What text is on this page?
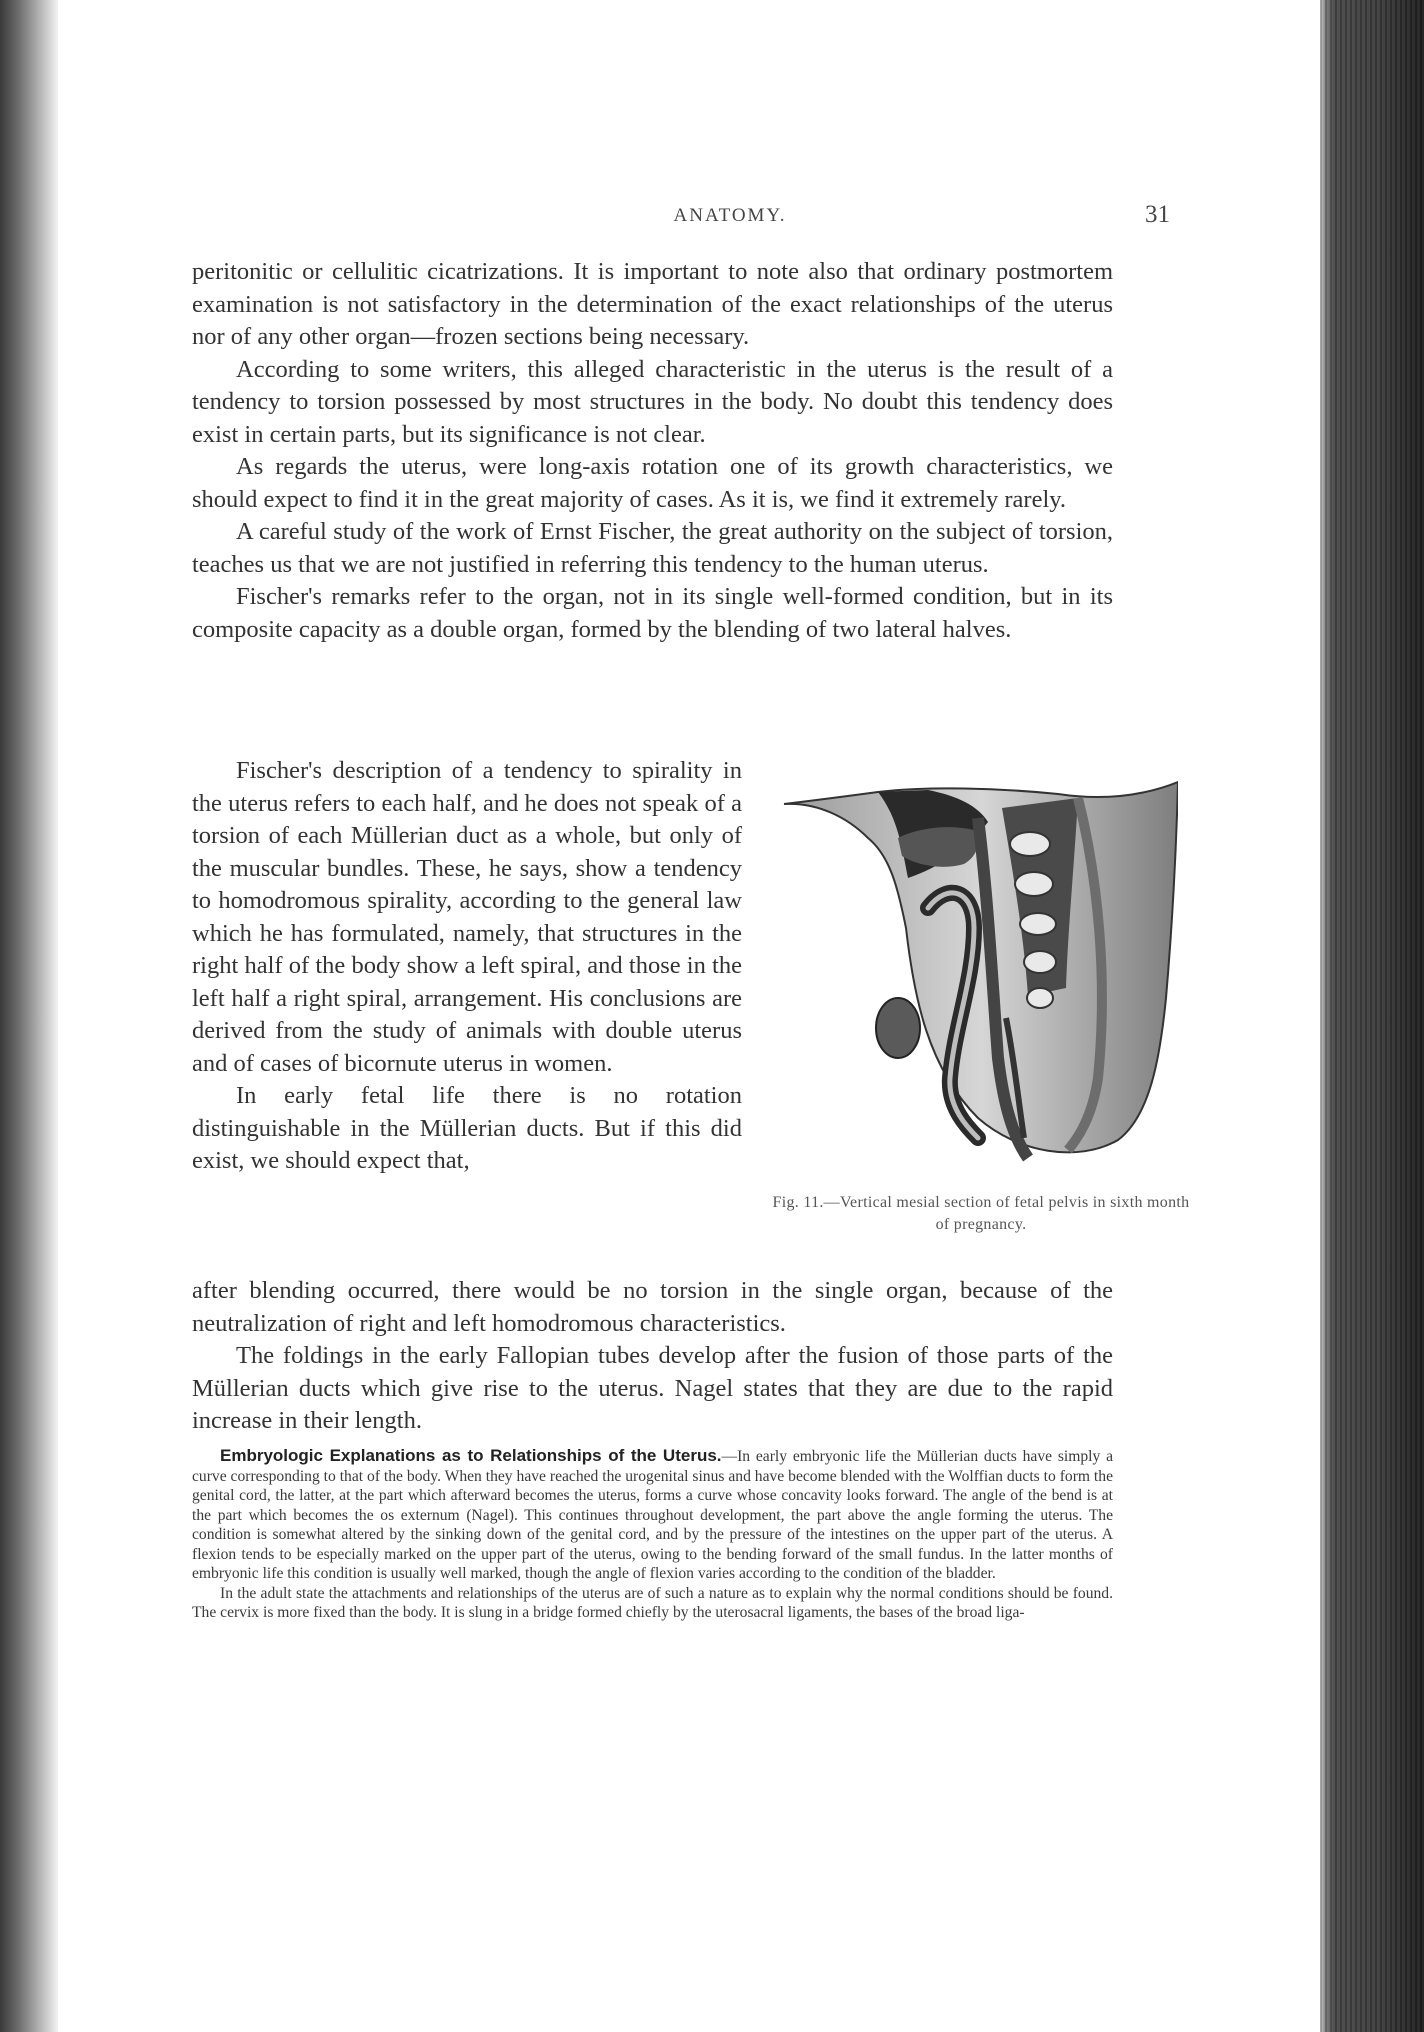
ANATOMY.	31

peritonitic or cellulitic cicatrizations. It is important to note also that ordinary postmortem examination is not satisfactory in the determination of the exact relationships of the uterus nor of any other organ—frozen sections being necessary.

According to some writers, this alleged characteristic in the uterus is the result of a tendency to torsion possessed by most structures in the body. No doubt this tendency does exist in certain parts, but its significance is not clear.

As regards the uterus, were long-axis rotation one of its growth characteristics, we should expect to find it in the great majority of cases. As it is, we find it extremely rarely.

A careful study of the work of Ernst Fischer, the great authority on the subject of torsion, teaches us that we are not justified in referring this tendency to the human uterus.

Fischer's remarks refer to the organ, not in its single well-formed condition, but in its composite capacity as a double organ, formed by the blending of two lateral halves.

Fischer's description of a tendency to spirality in the uterus refers to each half, and he does not speak of a torsion of each Müllerian duct as a whole, but only of the muscular bundles. These, he says, show a tendency to homodromous spirality, according to the general law which he has formulated, namely, that structures in the right half of the body show a left spiral, and those in the left half a right spiral, arrangement. His conclusions are derived from the study of animals with double uterus and of cases of bicornute uterus in women.

In early fetal life there is no rotation distinguishable in the Müllerian ducts. But if this did exist, we should expect that,

Fig. 11.—Vertical mesial section of fetal pelvis in sixth month of pregnancy.

after blending occurred, there would be no torsion in the single organ, because of the neutralization of right and left homodromous characteristics.

The foldings in the early Fallopian tubes develop after the fusion of those parts of the Müllerian ducts which give rise to the uterus. Nagel states that they are due to the rapid increase in their length.

Embryologic Explanations as to Relationships of the Uterus.—In early embryonic life the Müllerian ducts have simply a curve corresponding to that of the body. When they have reached the urogenital sinus and have become blended with the Wolffian ducts to form the genital cord, the latter, at the part which afterward becomes the uterus, forms a curve whose concavity looks forward. The angle of the bend is at the part which becomes the os externum (Nagel). This continues throughout development, the part above the angle forming the uterus. The condition is somewhat altered by the sinking down of the genital cord, and by the pressure of the intestines on the upper part of the uterus. A flexion tends to be especially marked on the upper part of the uterus, owing to the bending forward of the small fundus. In the latter months of embryonic life this condition is usually well marked, though the angle of flexion varies according to the condition of the bladder.

In the adult state the attachments and relationships of the uterus are of such a nature as to explain why the normal conditions should be found. The cervix is more fixed than the body. It is slung in a bridge formed chiefly by the uterosacral ligaments, the bases of the broad liga-
